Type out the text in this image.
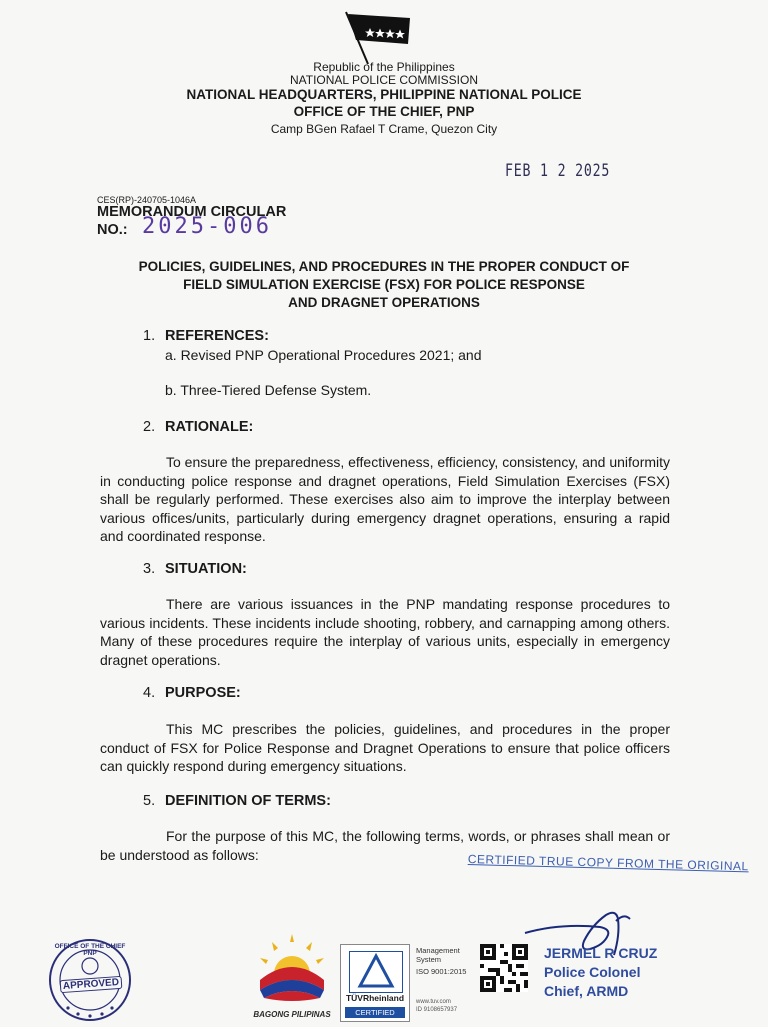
Republic of the Philippines
NATIONAL POLICE COMMISSION
NATIONAL HEADQUARTERS, PHILIPPINE NATIONAL POLICE
OFFICE OF THE CHIEF, PNP
Camp BGen Rafael T Crame, Quezon City
FEB 1 2 2025
CES(RP)-240705-1046A
MEMORANDUM CIRCULAR
NO.: 2025-006
POLICIES, GUIDELINES, AND PROCEDURES IN THE PROPER CONDUCT OF
FIELD SIMULATION EXERCISE (FSX) FOR POLICE RESPONSE
AND DRAGNET OPERATIONS
1. REFERENCES:
a. Revised PNP Operational Procedures 2021; and
b. Three-Tiered Defense System.
2. RATIONALE:
To ensure the preparedness, effectiveness, efficiency, consistency, and uniformity in conducting police response and dragnet operations, Field Simulation Exercises (FSX) shall be regularly performed. These exercises also aim to improve the interplay between various offices/units, particularly during emergency dragnet operations, ensuring a rapid and coordinated response.
3. SITUATION:
There are various issuances in the PNP mandating response procedures to various incidents. These incidents include shooting, robbery, and carnapping among others. Many of these procedures require the interplay of various units, especially in emergency dragnet operations.
4. PURPOSE:
This MC prescribes the policies, guidelines, and procedures in the proper conduct of FSX for Police Response and Dragnet Operations to ensure that police officers can quickly respond during emergency situations.
5. DEFINITION OF TERMS:
For the purpose of this MC, the following terms, words, or phrases shall mean or be understood as follows:	CERTIFIED TRUE COPY FROM THE ORIGINAL
OFFICE OF THE CHIEF PNP
APPROVED
BAGONG PILIPINAS
TÜVRheinland
CERTIFIED
Management System
ISO 9001:2015
www.tuv.com
ID 9108657937
JERMEL R CRUZ
Police Colonel
Chief, ARMD
